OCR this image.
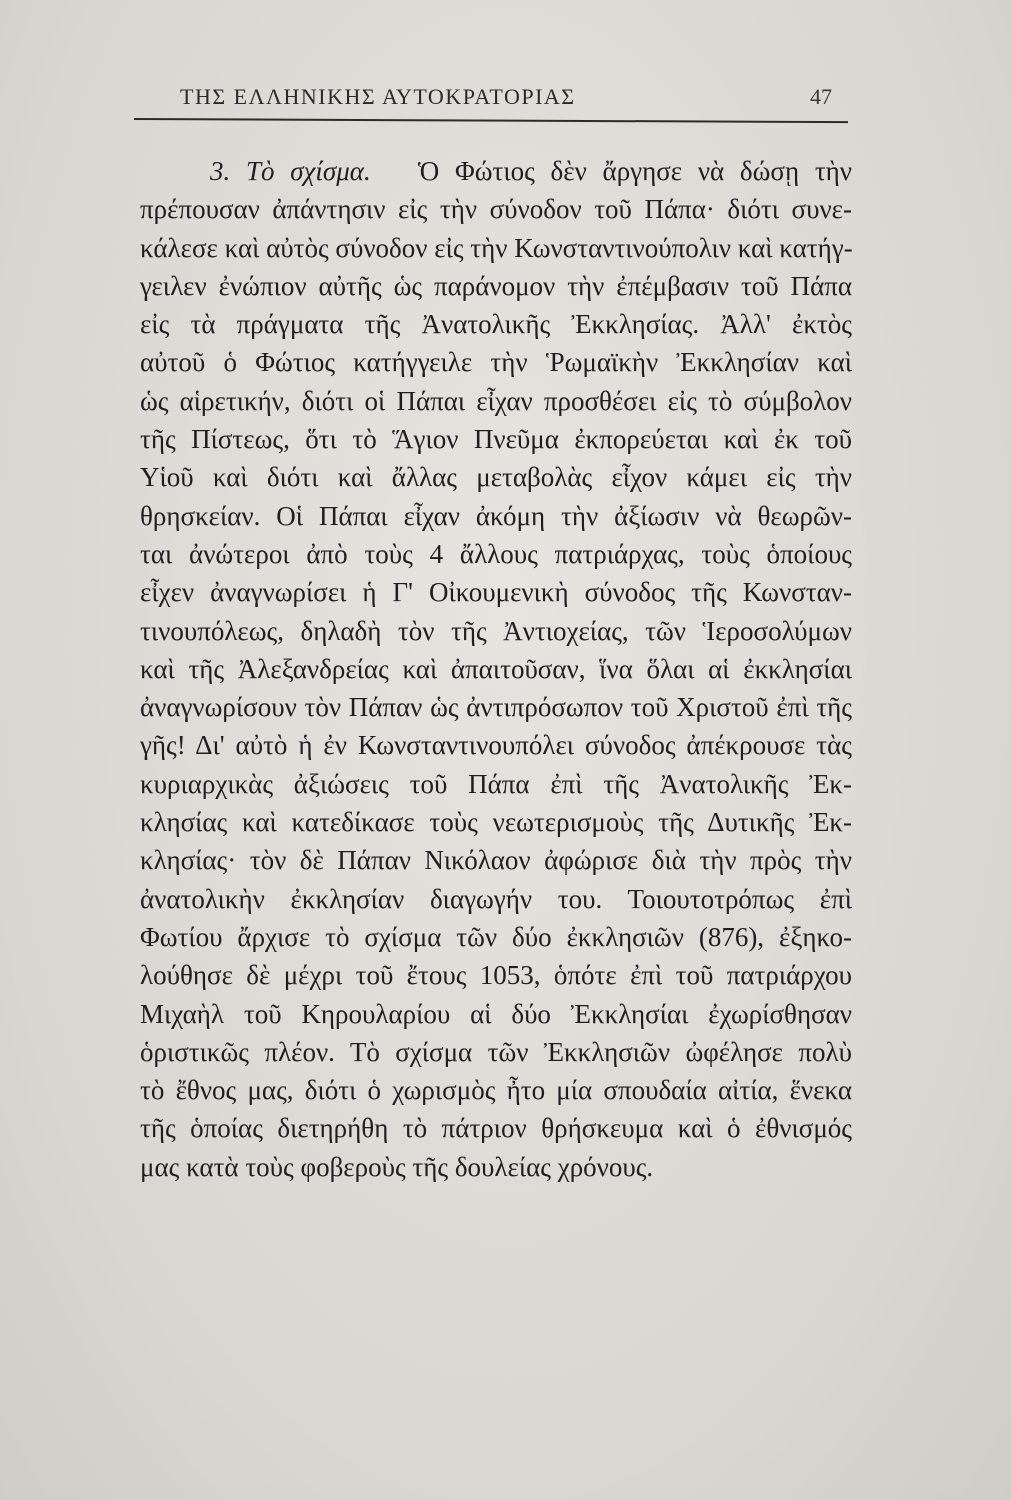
ΤΗΣ ΕΛΛΗΝΙΚΗΣ ΑΥΤΟΚΡΑΤΟΡΙΑΣ	47
3. Τὸ σχίσμα. Ὁ Φώτιος δὲν ἄργησε νὰ δώσῃ τὴν
πρέπουσαν ἀπάντησιν εἰς τὴν σύνοδον τοῦ Πάπα· διότι συνε-
κάλεσε καὶ αὐτὸς σύνοδον εἰς τὴν Κωνσταντινούπολιν καὶ κατήγ-
γειλεν ἐνώπιον αὐτῆς ὡς παράνομον τὴν ἐπέμβασιν τοῦ Πάπα
εἰς τὰ πράγματα τῆς Ἀνατολικῆς Ἐκκλησίας. Ἀλλ' ἐκτὸς
αὐτοῦ ὁ Φώτιος κατήγγειλε τὴν Ῥωμαϊκὴν Ἐκκλησίαν καὶ
ὡς αἱρετικήν, διότι οἱ Πάπαι εἶχαν προσθέσει εἰς τὸ σύμβολον
τῆς Πίστεως, ὅτι τὸ Ἅγιον Πνεῦμα ἐκπορεύεται καὶ ἐκ τοῦ
Υἱοῦ καὶ διότι καὶ ἄλλας μεταβολὰς εἶχον κάμει εἰς τὴν
θρησκείαν. Οἱ Πάπαι εἶχαν ἀκόμη τὴν ἀξίωσιν νὰ θεωρῶν-
ται ἀνώτεροι ἀπὸ τοὺς 4 ἄλλους πατριάρχας, τοὺς ὁποίους
εἶχεν ἀναγνωρίσει ἡ Γ' Οἰκουμενικὴ σύνοδος τῆς Κωνσταν-
τινουπόλεως, δηλαδὴ τὸν τῆς Ἀντιοχείας, τῶν Ἱεροσολύμων
καὶ τῆς Ἀλεξανδρείας καὶ ἀπαιτοῦσαν, ἵνα ὅλαι αἱ ἐκκλησίαι
ἀναγνωρίσουν τὸν Πάπαν ὡς ἀντιπρόσωπον τοῦ Χριστοῦ ἐπὶ τῆς
γῆς! Δι' αὐτὸ ἡ ἐν Κωνσταντινουπόλει σύνοδος ἀπέκρουσε τὰς
κυριαρχικὰς ἀξιώσεις τοῦ Πάπα ἐπὶ τῆς Ἀνατολικῆς Ἐκ-
κλησίας καὶ κατεδίκασε τοὺς νεωτερισμοὺς τῆς Δυτικῆς Ἐκ-
κλησίας· τὸν δὲ Πάπαν Νικόλαον ἀφώρισε διὰ τὴν πρὸς τὴν
ἀνατολικὴν ἐκκλησίαν διαγωγήν του. Τοιουτοτρόπως ἐπὶ
Φωτίου ἄρχισε τὸ σχίσμα τῶν δύο ἐκκλησιῶν (876), ἐξηκο-
λούθησε δὲ μέχρι τοῦ ἔτους 1053, ὁπότε ἐπὶ τοῦ πατριάρχου
Μιχαὴλ τοῦ Κηρουλαρίου αἱ δύο Ἐκκλησίαι ἐχωρίσθησαν
ὁριστικῶς πλέον. Τὸ σχίσμα τῶν Ἐκκλησιῶν ὠφέλησε πολὺ
τὸ ἔθνος μας, διότι ὁ χωρισμὸς ἦτο μία σπουδαία αἰτία, ἕνεκα
τῆς ὁποίας διετηρήθη τὸ πάτριον θρήσκευμα καὶ ὁ ἐθνισμός
μας κατὰ τοὺς φοβεροὺς τῆς δουλείας χρόνους.
